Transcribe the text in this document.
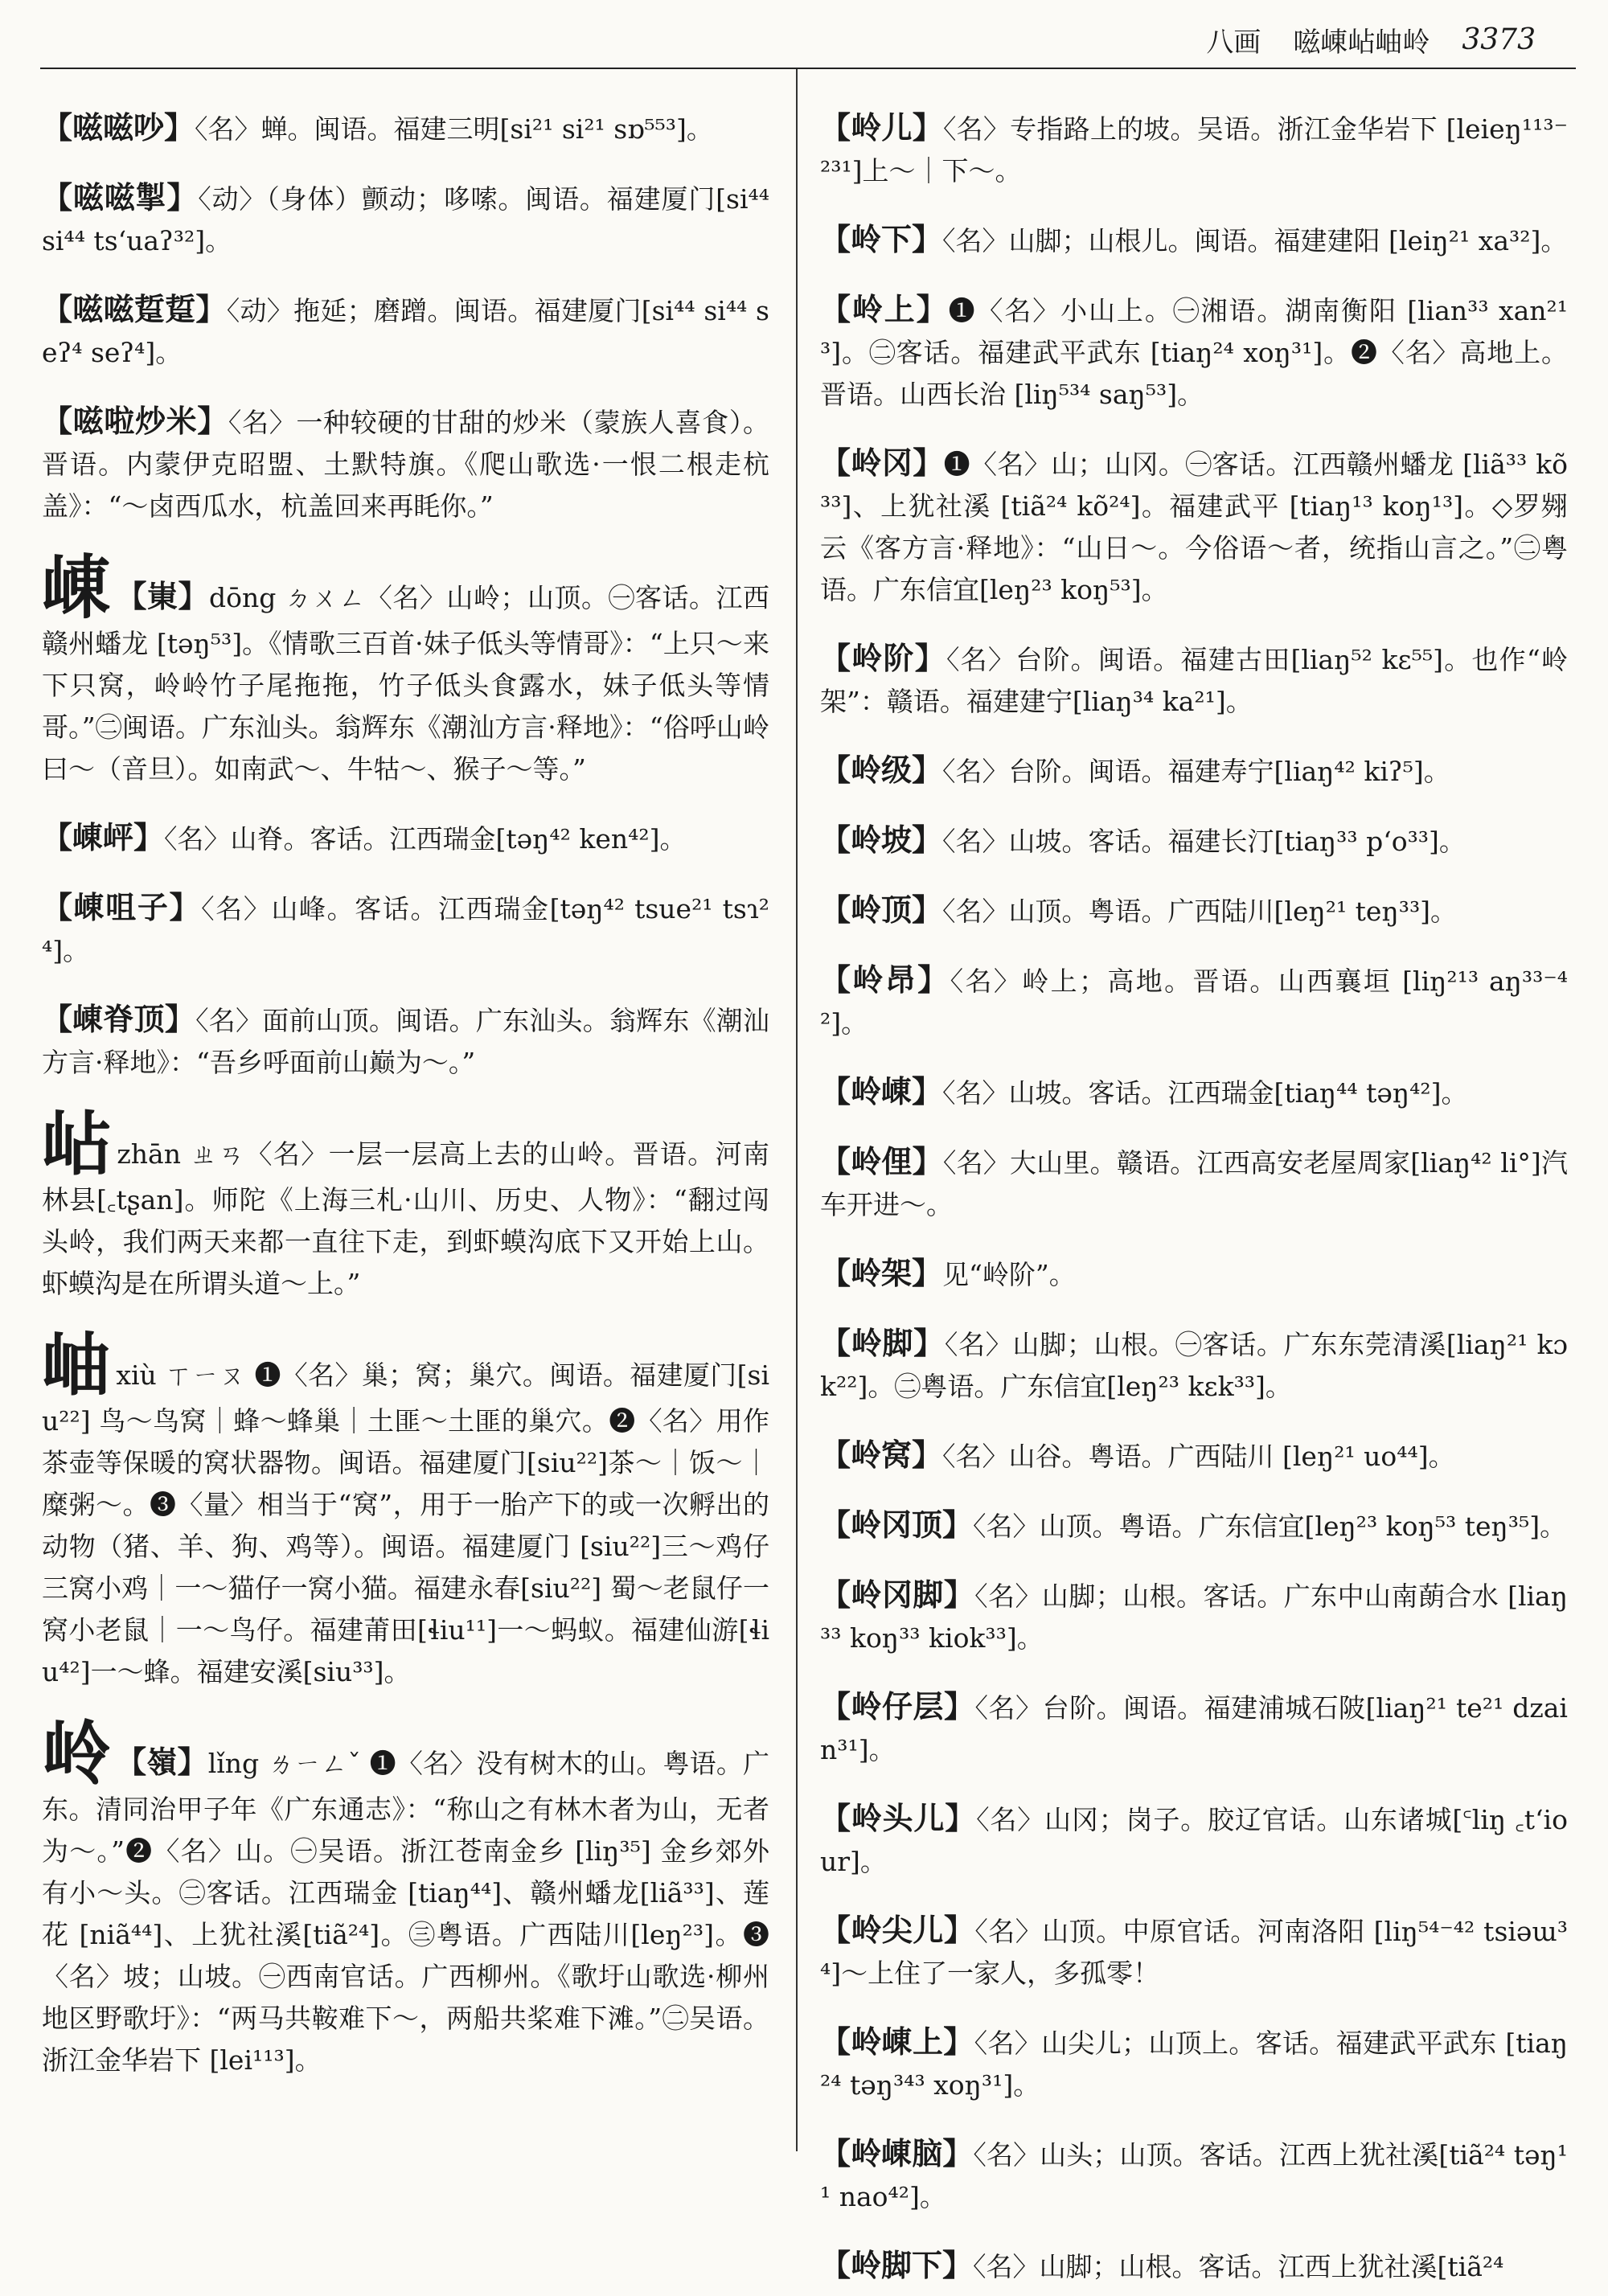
八画 嗞崠岾岫岭 3373

【嗞嗞吵】〈名〉蝉。闽语。福建三明[si²¹ si²¹ sɒ⁵⁵³]。

【嗞嗞掣】〈动〉（身体）颤动；哆嗦。闽语。福建厦门[si⁴⁴ si⁴⁴ tsʻuaʔ³²]。

【嗞嗞踅踅】〈动〉拖延；磨蹭。闽语。福建厦门[si⁴⁴ si⁴⁴ seʔ⁴ seʔ⁴]。

【嗞啦炒米】〈名〉一种较硬的甘甜的炒米（蒙族人喜食）。晋语。内蒙伊克昭盟、土默特旗。《爬山歌选·一恨二根走杭盖》：“～卤西瓜水，杭盖回来再眊你。”

崠 【崬】dōng ㄉㄨㄥ〈名〉山岭；山顶。㊀客话。江西赣州蟠龙 [təŋ⁵³]。《情歌三百首·妹子低头等情哥》：“上只～来下只窝，岭岭竹子尾拖拖，竹子低头食露水，妹子低头等情哥。”㊁闽语。广东汕头。翁辉东《潮汕方言·释地》：“俗呼山岭曰～（音旦）。如南武～、牛牯～、猴子～等。”

【崠岼】〈名〉山脊。客话。江西瑞金[təŋ⁴² ken⁴²]。

【崠咀子】〈名〉山峰。客话。江西瑞金[təŋ⁴² tsue²¹ tsɿ²⁴]。

【崠脊顶】〈名〉面前山顶。闽语。广东汕头。翁辉东《潮汕方言·释地》：“吾乡呼面前山巅为～。”

岾zhān ㄓㄢ〈名〉一层一层高上去的山岭。晋语。河南林县[꜀tʂan]。师陀《上海三札·山川、历史、人物》：“翻过闯头岭，我们两天来都一直往下走，到虾蟆沟底下又开始上山。虾蟆沟是在所谓头道～上。”

岫xiù ㄒㄧㄡ ❶〈名〉巢；窝；巢穴。闽语。福建厦门[siu²²] 鸟～鸟窝｜蜂～蜂巢｜土匪～土匪的巢穴。❷〈名〉用作茶壶等保暖的窝状器物。闽语。福建厦门[siu²²]茶～｜饭～｜糜粥～。❸〈量〉相当于“窝”，用于一胎产下的或一次孵出的动物（猪、羊、狗、鸡等）。闽语。福建厦门 [siu²²]三～鸡仔三窝小鸡｜一～猫仔一窝小猫。福建永春[siu²²] 蜀～老鼠仔一窝小老鼠｜一～鸟仔。福建莆田[ɬiu¹¹]一～蚂蚁。福建仙游[ɬiu⁴²]一～蜂。福建安溪[siu³³]。

岭 【嶺】lǐng ㄌㄧㄥˇ ❶〈名〉没有树木的山。粤语。广东。清同治甲子年《广东通志》：“称山之有林木者为山，无者为～。”❷〈名〉山。㊀吴语。浙江苍南金乡 [liŋ³⁵] 金乡郊外有小～头。㊁客话。江西瑞金 [tiaŋ⁴⁴]、赣州蟠龙[liã³³]、莲花 [niã⁴⁴]、上犹社溪[tiã²⁴]。㊂粤语。广西陆川[leŋ²³]。❸〈名〉坡；山坡。㊀西南官话。广西柳州。《歌圩山歌选·柳州地区野歌圩》：“两马共鞍难下～，两船共桨难下滩。”㊁吴语。浙江金华岩下 [lei¹¹³]。

【岭儿】〈名〉专指路上的坡。吴语。浙江金华岩下 [leieŋ¹¹³⁻²³¹]上～｜下～。

【岭下】〈名〉山脚；山根儿。闽语。福建建阳 [leiŋ²¹ xa³²]。

【岭上】❶〈名〉小山上。㊀湘语。湖南衡阳 [lian³³ xan²¹³]。㊁客话。福建武平武东 [tiaŋ²⁴ xoŋ³¹]。❷〈名〉高地上。晋语。山西长治 [liŋ⁵³⁴ saŋ⁵³]。

【岭冈】❶〈名〉山；山冈。㊀客话。江西赣州蟠龙 [liã³³ kõ³³]、上犹社溪 [tiã²⁴ kõ²⁴]。福建武平 [tiaŋ¹³ koŋ¹³]。◇罗翙云《客方言·释地》：“山日～。今俗语～者，统指山言之。”㊁粤语。广东信宜[leŋ²³ koŋ⁵³]。

【岭阶】〈名〉台阶。闽语。福建古田[liaŋ⁵² kɛ⁵⁵]。也作“岭架”：赣语。福建建宁[liaŋ³⁴ ka²¹]。

【岭级】〈名〉台阶。闽语。福建寿宁[liaŋ⁴² kiʔ⁵]。

【岭坡】〈名〉山坡。客话。福建长汀[tiaŋ³³ pʻo³³]。

【岭顶】〈名〉山顶。粤语。广西陆川[leŋ²¹ teŋ³³]。

【岭昂】〈名〉岭上；高地。晋语。山西襄垣 [liŋ²¹³ aŋ³³⁻⁴²]。

【岭崠】〈名〉山坡。客话。江西瑞金[tiaŋ⁴⁴ təŋ⁴²]。

【岭俚】〈名〉大山里。赣语。江西高安老屋周家[liaŋ⁴² li°]汽车开进～。

【岭架】见“岭阶”。

【岭脚】〈名〉山脚；山根。㊀客话。广东东莞清溪[liaŋ²¹ kɔk²²]。㊁粤语。广东信宜[leŋ²³ kɛk³³]。

【岭窝】〈名〉山谷。粤语。广西陆川 [leŋ²¹ uo⁴⁴]。

【岭冈顶】〈名〉山顶。粤语。广东信宜[leŋ²³ koŋ⁵³ teŋ³⁵]。

【岭冈脚】〈名〉山脚；山根。客话。广东中山南蓢合水 [liaŋ³³ koŋ³³ kiok³³]。

【岭仔层】〈名〉台阶。闽语。福建浦城石陂[liaŋ²¹ te²¹ dzain³¹]。

【岭头儿】〈名〉山冈；岗子。胶辽官话。山东诸城[꜂liŋ ꜀tʻiour]。

【岭尖儿】〈名〉山顶。中原官话。河南洛阳 [liŋ⁵⁴⁻⁴² tsiəɯ³⁴]～上住了一家人，多孤零！

【岭崠上】〈名〉山尖儿；山顶上。客话。福建武平武东 [tiaŋ²⁴ təŋ³⁴³ xoŋ³¹]。

【岭崠脑】〈名〉山头；山顶。客话。江西上犹社溪[tiã²⁴ təŋ¹¹ nao⁴²]。

【岭脚下】〈名〉山脚；山根。客话。江西上犹社溪[tiã²⁴
